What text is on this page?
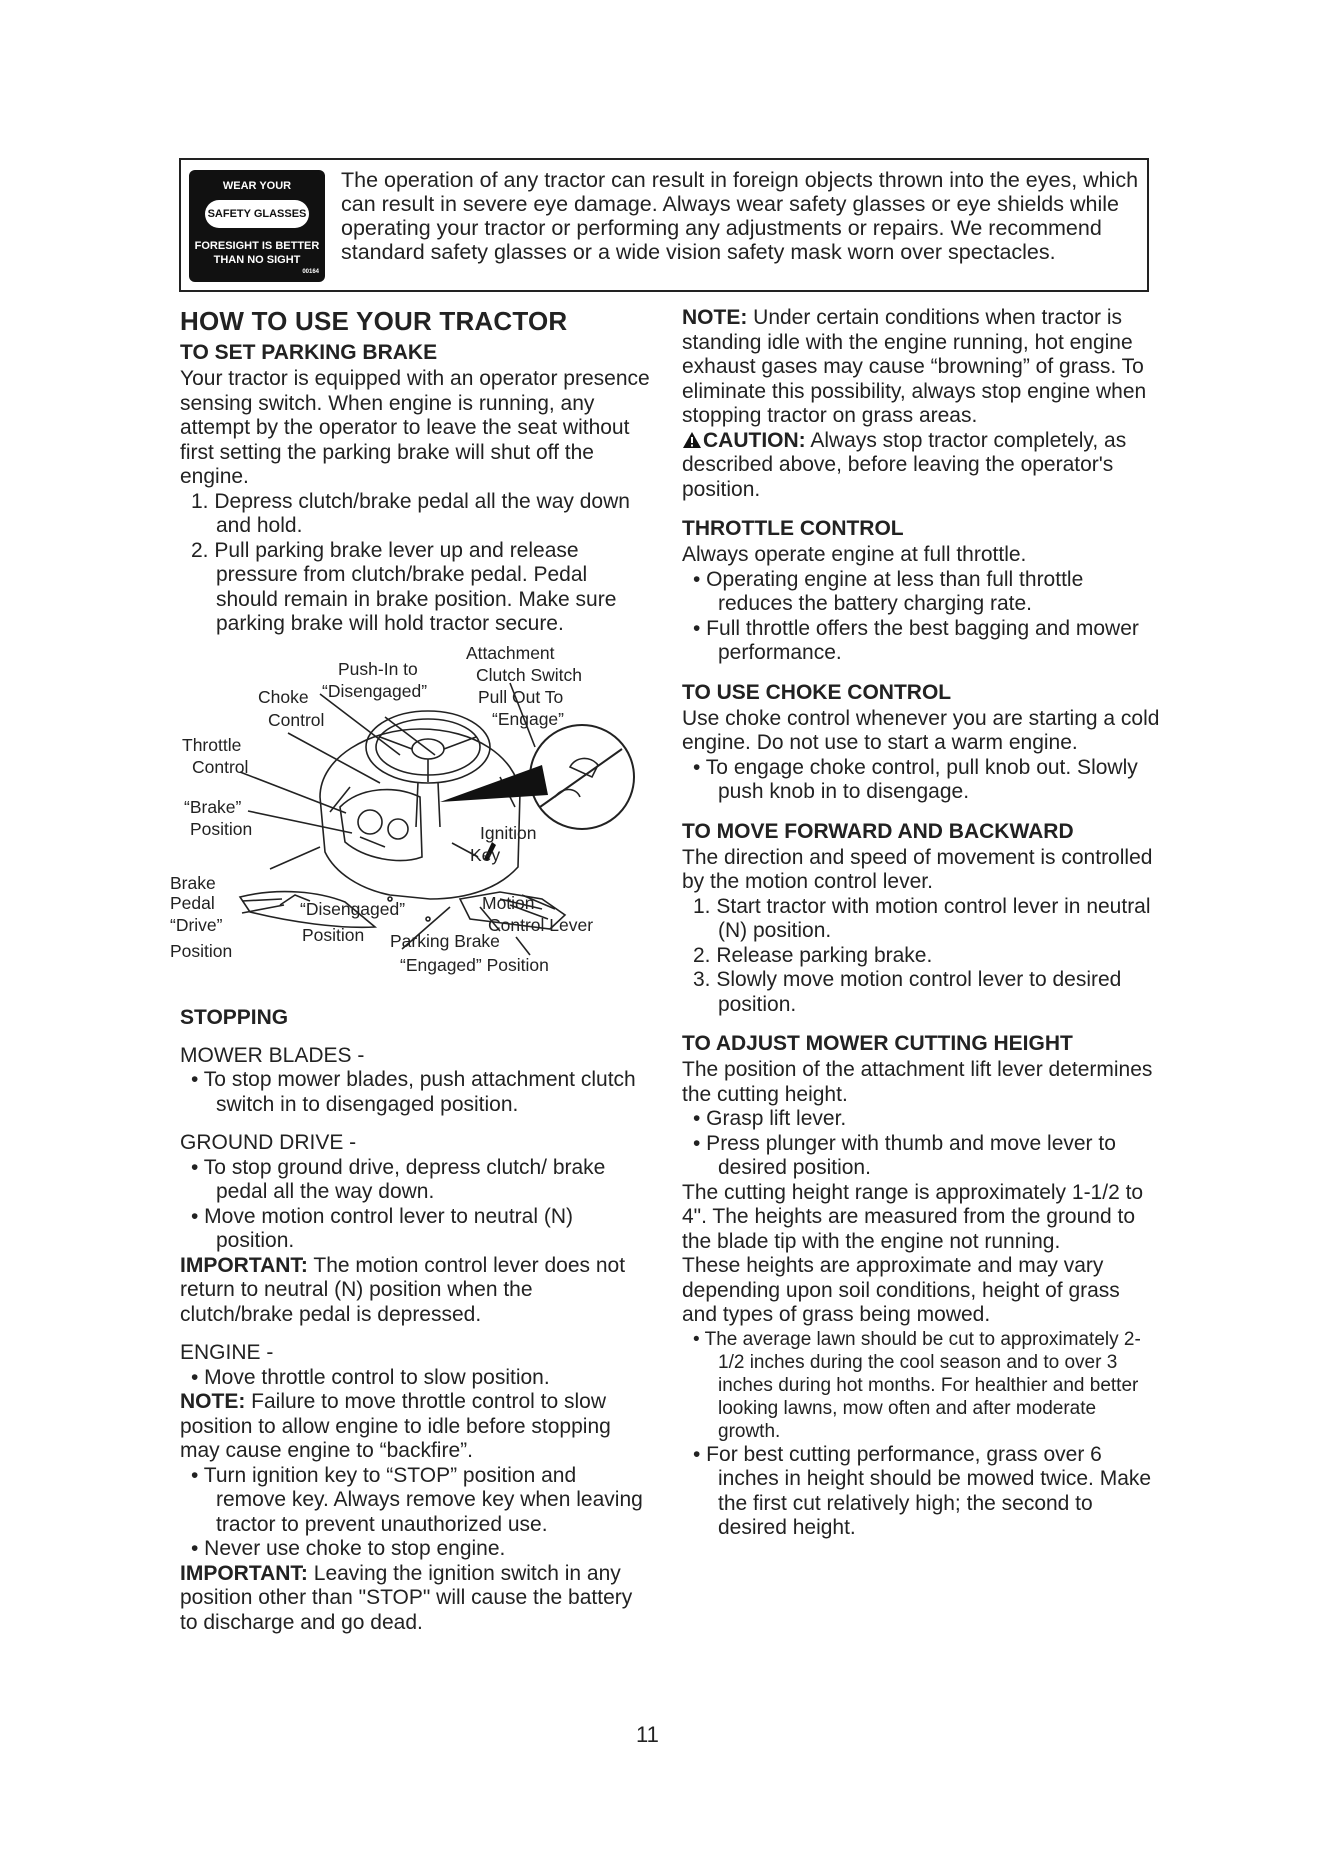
WEAR YOUR
SAFETY GLASSES
FORESIGHT IS BETTER
THAN NO SIGHT
00164

The operation of any tractor can result in foreign objects thrown into the eyes, which can result in severe eye damage. Always wear safety glasses or eye shields while operating your tractor or performing any adjustments or repairs. We recommend standard safety glasses or a wide vision safety mask worn over spectacles.

HOW TO USE YOUR TRACTOR
TO SET PARKING BRAKE

Your tractor is equipped with an operator presence sensing switch. When engine is running, any attempt by the operator to leave the seat without first setting the parking brake will shut off the engine.

1. Depress clutch/brake pedal all the way down and hold.

2. Pull parking brake lever up and release pressure from clutch/brake pedal. Pedal should remain in brake position. Make sure parking brake will hold tractor secure.

Attachment
Clutch Switch
Pull Out To
“Engage”
Push-In to
“Disengaged”
Choke
Control
Throttle
Control
“Brake”
Position	Ignition
Key
Brake
Pedal
“Drive”
Position
“Disengaged”
Position
Motion
Control Lever
Parking Brake
“Engaged” Position
STOPPING

MOWER BLADES -

• To stop mower blades, push attachment clutch switch in to disengaged position.

GROUND DRIVE -

• To stop ground drive, depress clutch/ brake pedal all the way down.

• Move motion control lever to neutral (N) position.

IMPORTANT: The motion control lever does not return to neutral (N) position when the clutch/brake pedal is depressed.

ENGINE -

• Move throttle control to slow position.

NOTE: Failure to move throttle control to slow position to allow engine to idle before stopping may cause engine to “backfire”.

• Turn ignition key to “STOP” position and remove key. Always remove key when leaving tractor to prevent unauthorized use.

• Never use choke to stop engine.

IMPORTANT: Leaving the ignition switch in any position other than "STOP" will cause the battery to discharge and go dead.

NOTE: Under certain conditions when tractor is standing idle with the engine running, hot engine exhaust gases may cause “browning” of grass. To eliminate this possibility, always stop engine when stopping tractor on grass areas.

CAUTION: Always stop tractor completely, as described above, before leaving the operator's position.

THROTTLE CONTROL

Always operate engine at full throttle.

• Operating engine at less than full throttle reduces the battery charging rate.

• Full throttle offers the best bagging and mower performance.

TO USE CHOKE CONTROL

Use choke control whenever you are starting a cold engine. Do not use to start a warm engine.

• To engage choke control, pull knob out. Slowly push knob in to disengage.

TO MOVE FORWARD AND BACKWARD

The direction and speed of movement is controlled by the motion control lever.

1. Start tractor with motion control lever in neutral (N) position.

2. Release parking brake.

3. Slowly move motion control lever to desired position.

TO ADJUST MOWER CUTTING HEIGHT

The position of the attachment lift lever determines the cutting height.

• Grasp lift lever.

• Press plunger with thumb and move lever to desired position.

The cutting height range is approximately 1-1/2 to 4". The heights are measured from the ground to the blade tip with the engine not running.

These heights are approximate and may vary depending upon soil conditions, height of grass and types of grass being mowed.

• The average lawn should be cut to approximately 2-1/2 inches during the cool season and to over 3 inches during hot months. For healthier and better looking lawns, mow often and after moderate growth.

• For best cutting performance, grass over 6 inches in height should be mowed twice. Make the first cut relatively high; the second to desired height.

11
